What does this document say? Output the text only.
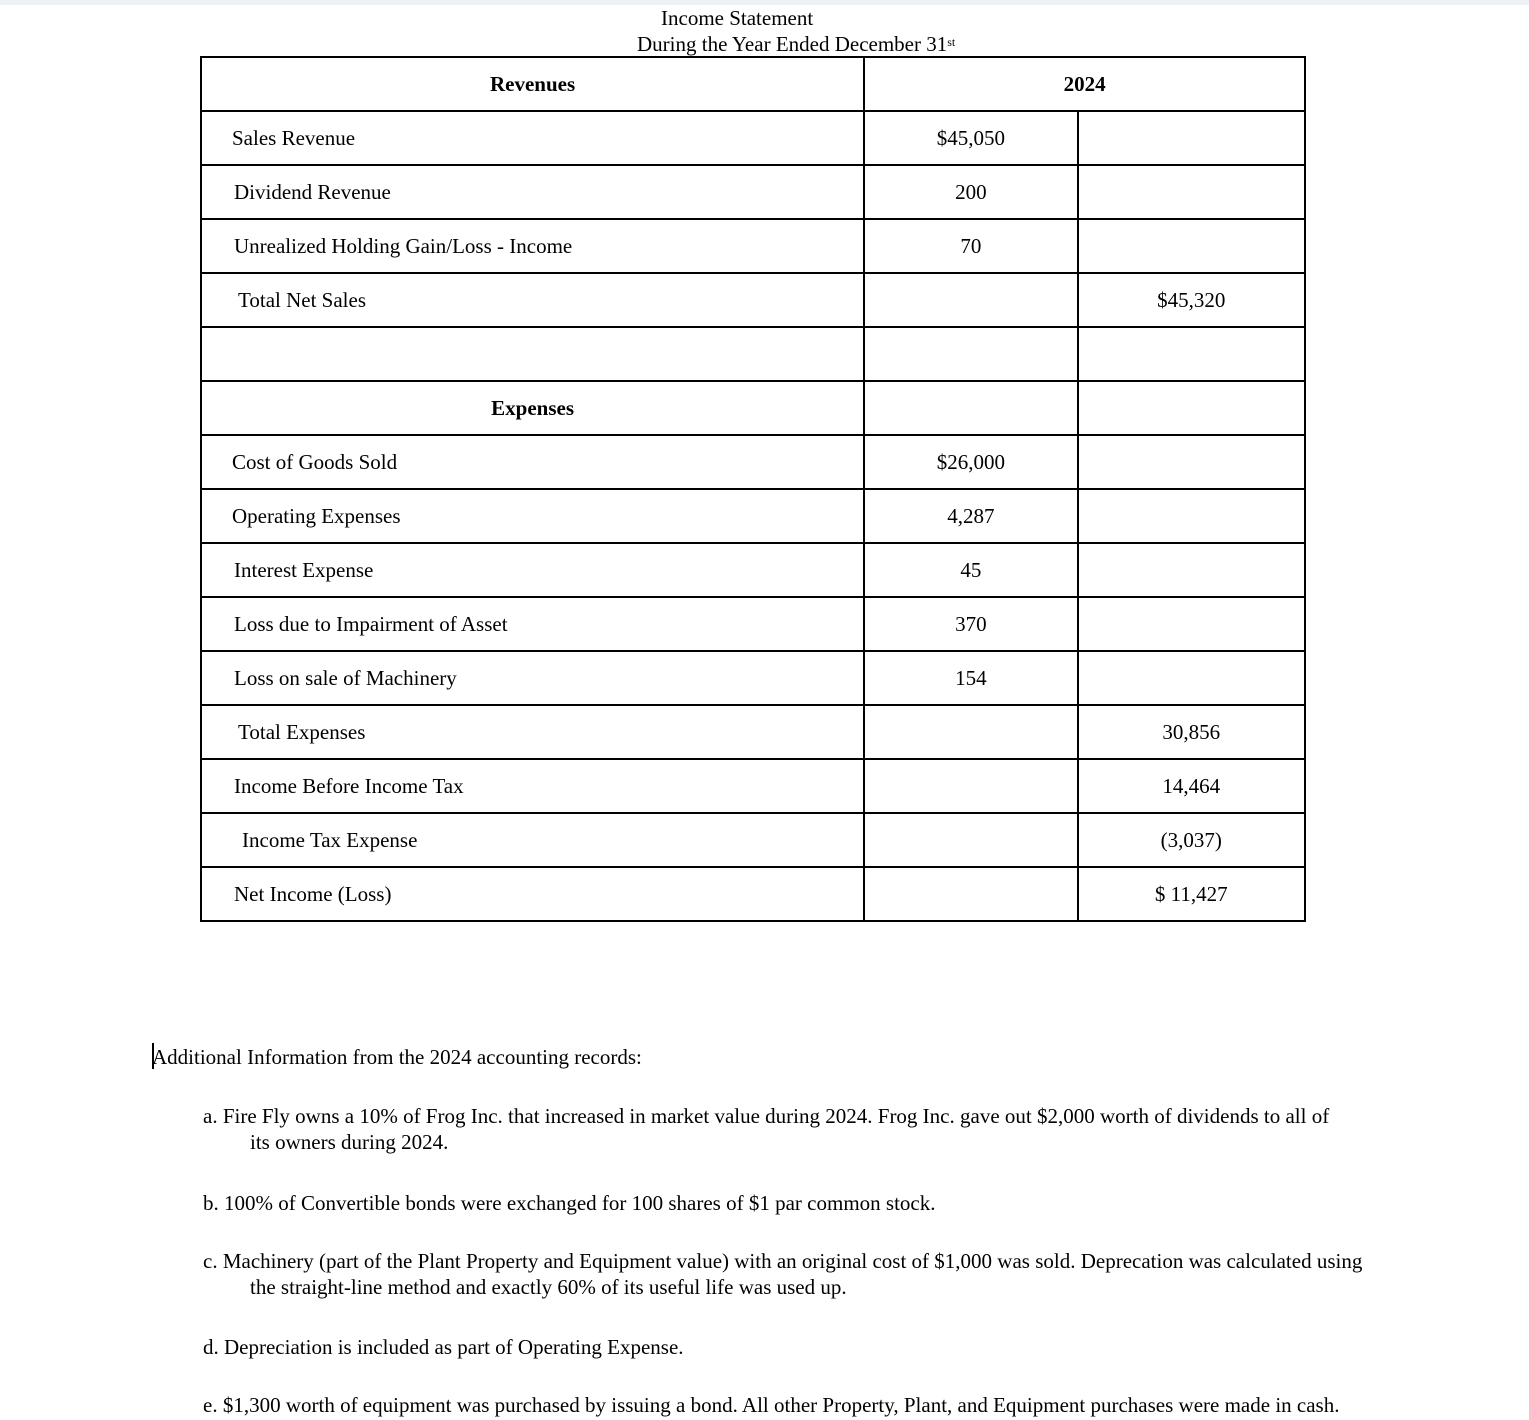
Income Statement
During the Year Ended December 31st
Revenues	2024	
Sales Revenue	$45,050	
Dividend Revenue	200	
Unrealized Holding Gain/Loss - Income	70	
Total Net Sales		$45,320

Expenses		
Cost of Goods Sold	$26,000	
Operating Expenses	4,287	
Interest Expense	45	
Loss due to Impairment of Asset	370	
Loss on sale of Machinery	154	
Total Expenses		30,856
Income Before Income Tax		14,464
Income Tax Expense		(3,037)
Net Income (Loss)		$ 11,427
Additional Information from the 2024 accounting records:
a. Fire Fly owns a 10% of Frog Inc. that increased in market value during 2024. Frog Inc. gave out $2,000 worth of dividends to all of
its owners during 2024.
b. 100% of Convertible bonds were exchanged for 100 shares of $1 par common stock.
c. Machinery (part of the Plant Property and Equipment value) with an original cost of $1,000 was sold. Deprecation was calculated using
the straight-line method and exactly 60% of its useful life was used up.
d. Depreciation is included as part of Operating Expense.
e. $1,300 worth of equipment was purchased by issuing a bond. All other Property, Plant, and Equipment purchases were made in cash.
